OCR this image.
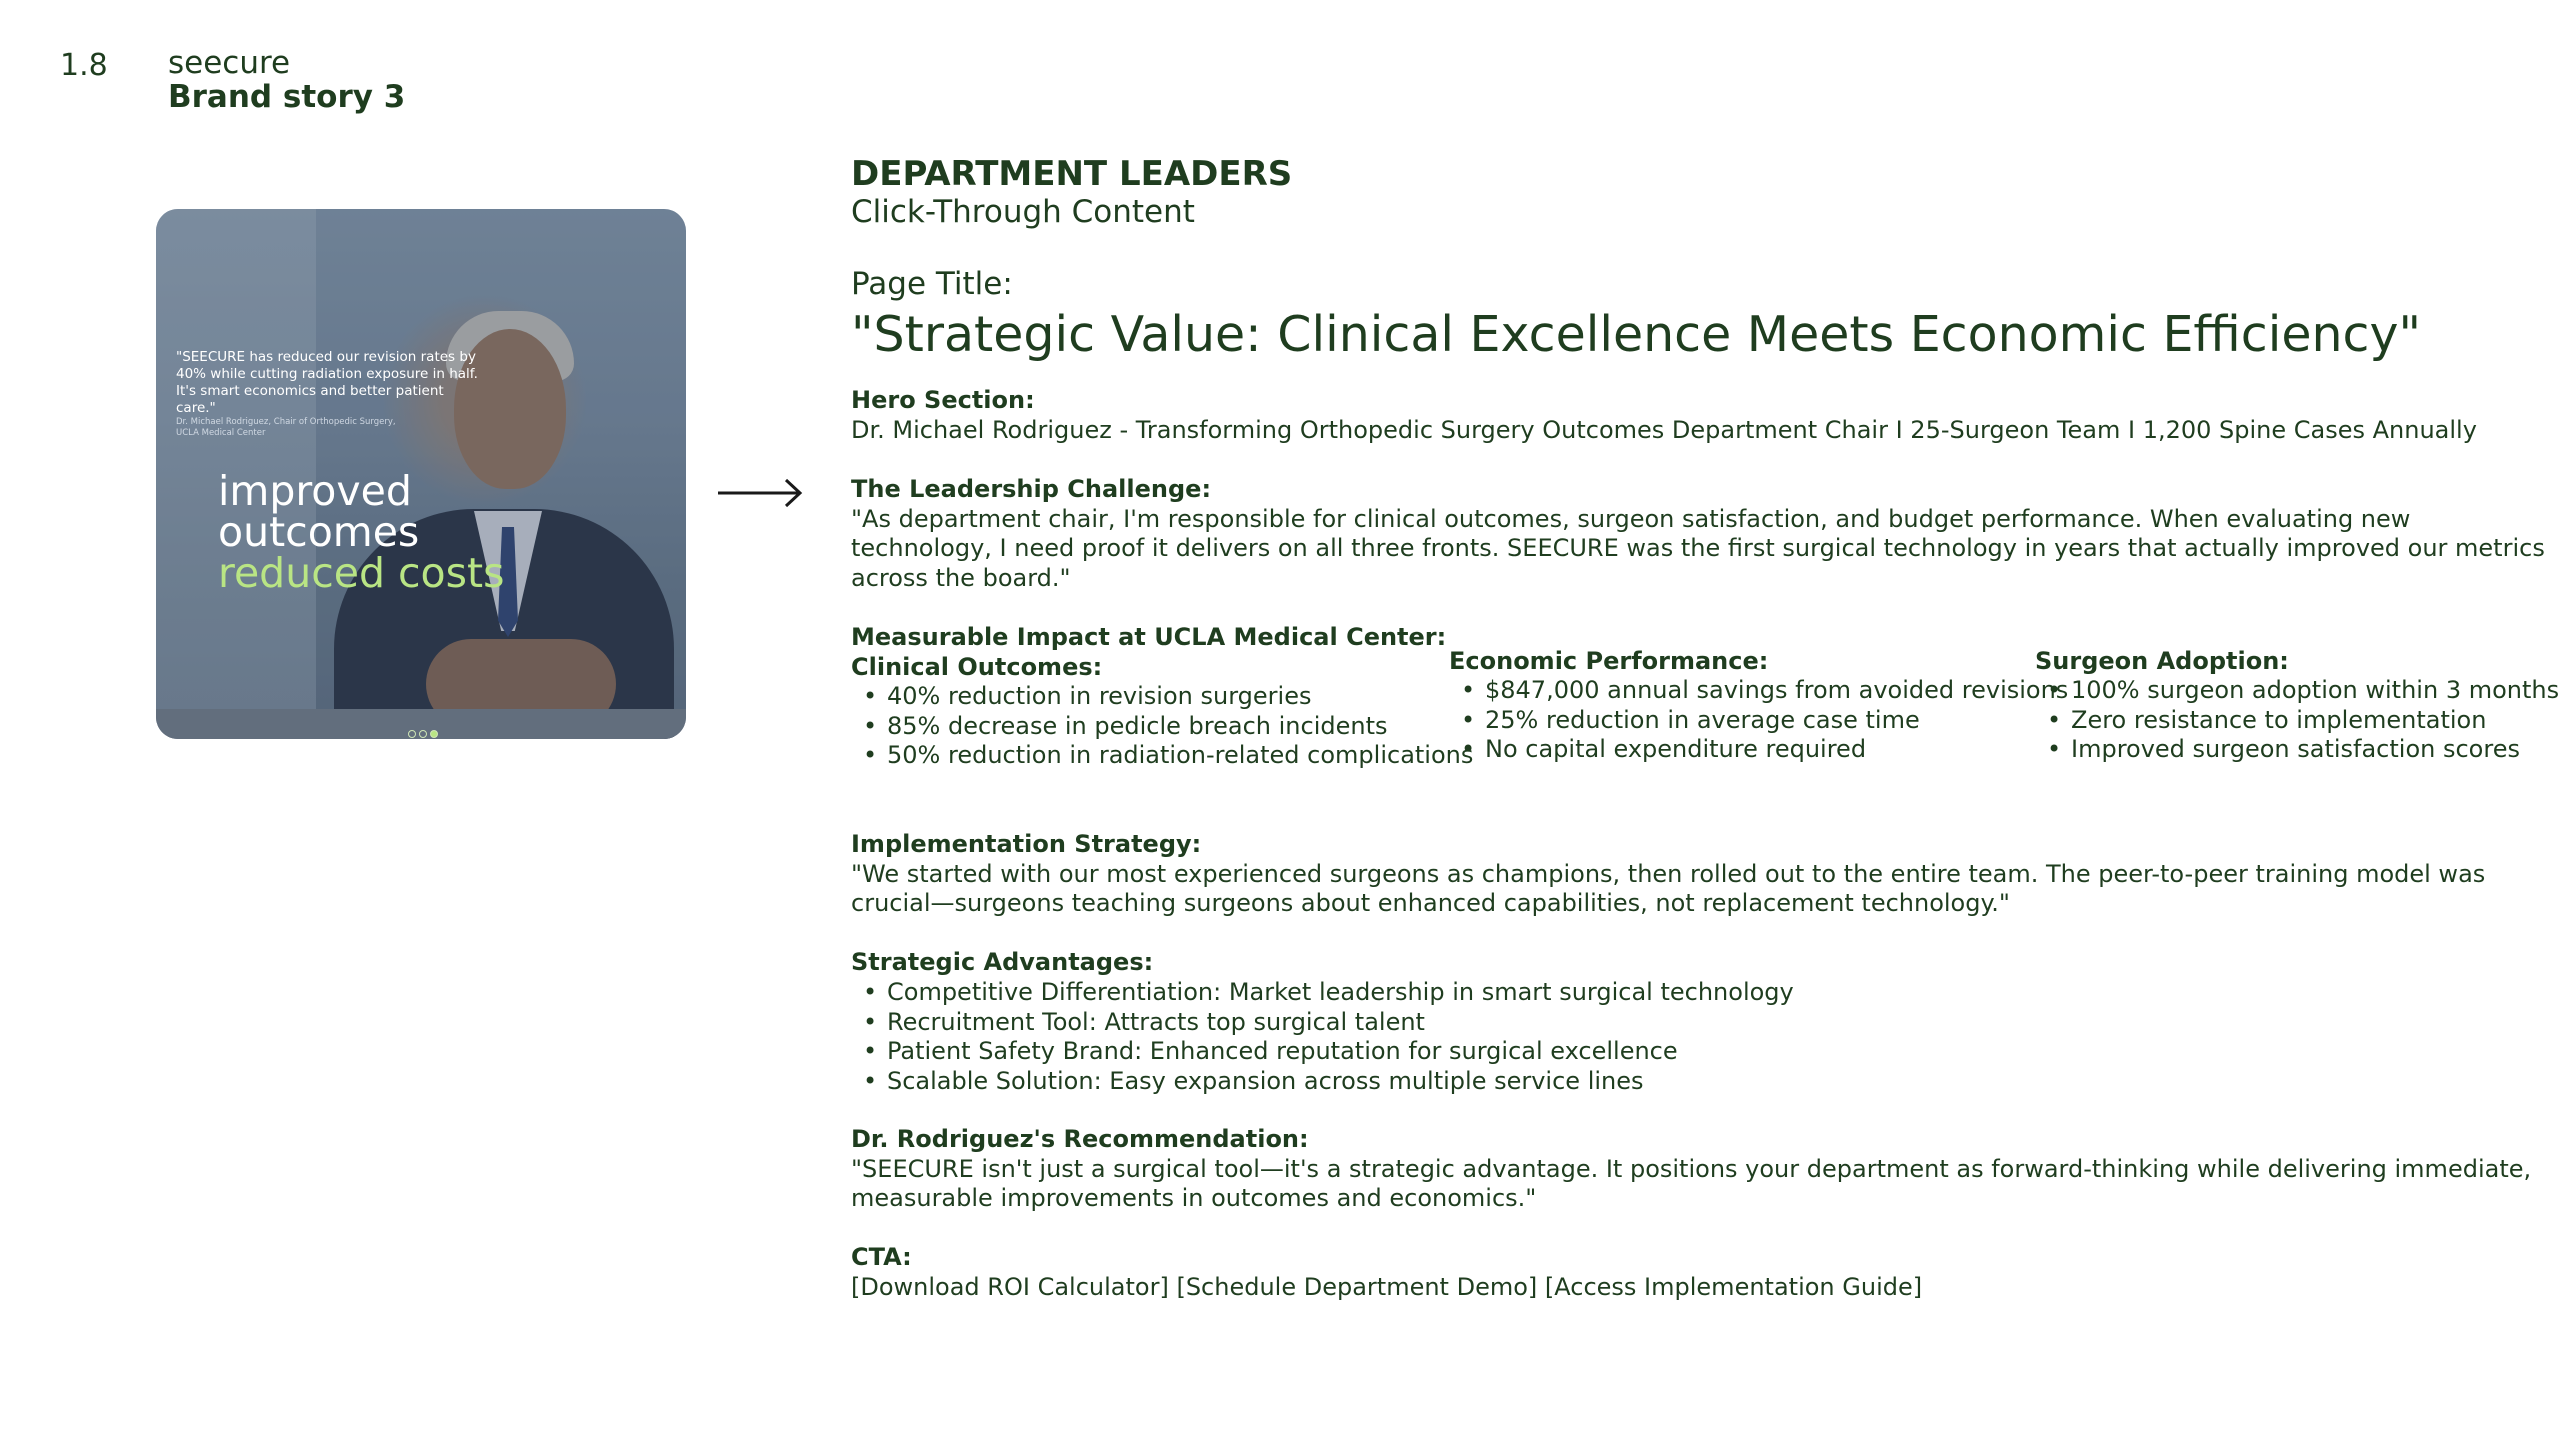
1.8 seecure
Brand story 3
"SEECURE has reduced our revision rates by 40% while cutting radiation exposure in half. It's smart economics and better patient care."
Dr. Michael Rodriguez, Chair of Orthopedic Surgery, UCLA Medical Center
improved
outcomes
reduced costs
DEPARTMENT LEADERS
Click-Through Content
Page Title:
"Strategic Value: Clinical Excellence Meets Economic Efficiency"
Hero Section:
Dr. Michael Rodriguez - Transforming Orthopedic Surgery Outcomes Department Chair I 25-Surgeon Team I 1,200 Spine Cases Annually
The Leadership Challenge:
"As department chair, I'm responsible for clinical outcomes, surgeon satisfaction, and budget performance. When evaluating new
technology, I need proof it delivers on all three fronts. SEECURE was the first surgical technology in years that actually improved our metrics
across the board."
Measurable Impact at UCLA Medical Center:
Clinical Outcomes:
• 40% reduction in revision surgeries
• 85% decrease in pedicle breach incidents
• 50% reduction in radiation-related complications
Economic Performance:
• $847,000 annual savings from avoided revisions
• 25% reduction in average case time
• No capital expenditure required
Surgeon Adoption:
• 100% surgeon adoption within 3 months
• Zero resistance to implementation
• Improved surgeon satisfaction scores
Implementation Strategy:
"We started with our most experienced surgeons as champions, then rolled out to the entire team. The peer-to-peer training model was
crucial—surgeons teaching surgeons about enhanced capabilities, not replacement technology."
Strategic Advantages:
• Competitive Differentiation: Market leadership in smart surgical technology
• Recruitment Tool: Attracts top surgical talent
• Patient Safety Brand: Enhanced reputation for surgical excellence
• Scalable Solution: Easy expansion across multiple service lines
Dr. Rodriguez's Recommendation:
"SEECURE isn't just a surgical tool—it's a strategic advantage. It positions your department as forward-thinking while delivering immediate,
measurable improvements in outcomes and economics."
CTA:
[Download ROI Calculator] [Schedule Department Demo] [Access Implementation Guide]
